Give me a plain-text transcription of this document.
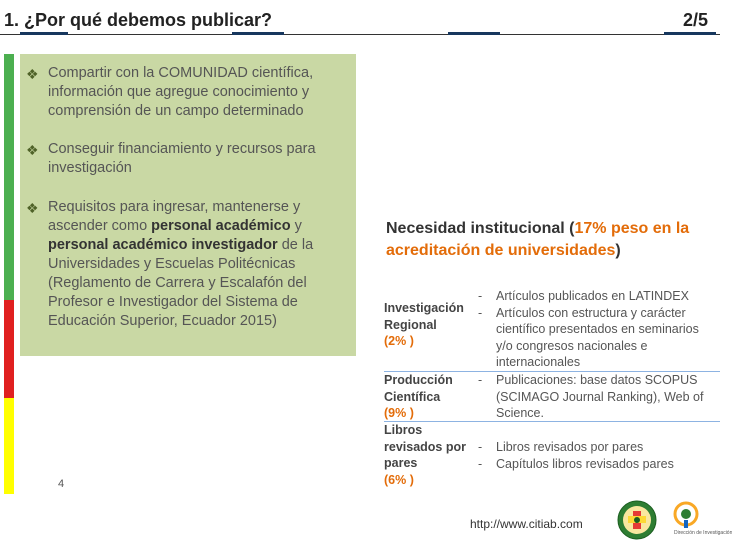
1. ¿Por qué debemos publicar?	2/5
❖ Compartir con la COMUNIDAD científica, información que agregue conocimiento y comprensión de un campo determinado
❖ Conseguir financiamiento y recursos para investigación
❖ Requisitos para ingresar, mantenerse y ascender como personal académico y personal académico investigador de la Universidades y Escuelas Politécnicas (Reglamento de Carrera y Escalafón del Profesor e Investigador del Sistema de Educación Superior, Ecuador 2015)
4
Necesidad institucional (17% peso en la acreditación de universidades)
Investigación Regional
(2% )
- Artículos publicados en LATINDEX
- Artículos con estructura y carácter científico presentados en seminarios y/o congresos nacionales e internacionales
Producción Científica
(9% )
- Publicaciones: base datos SCOPUS (SCIMAGO Journal Ranking), Web of Science.
Libros revisados por pares
(6% )
- Libros revisados por pares
- Capítulos libros revisados pares
http://www.citiab.com
Dirección de Investigación
